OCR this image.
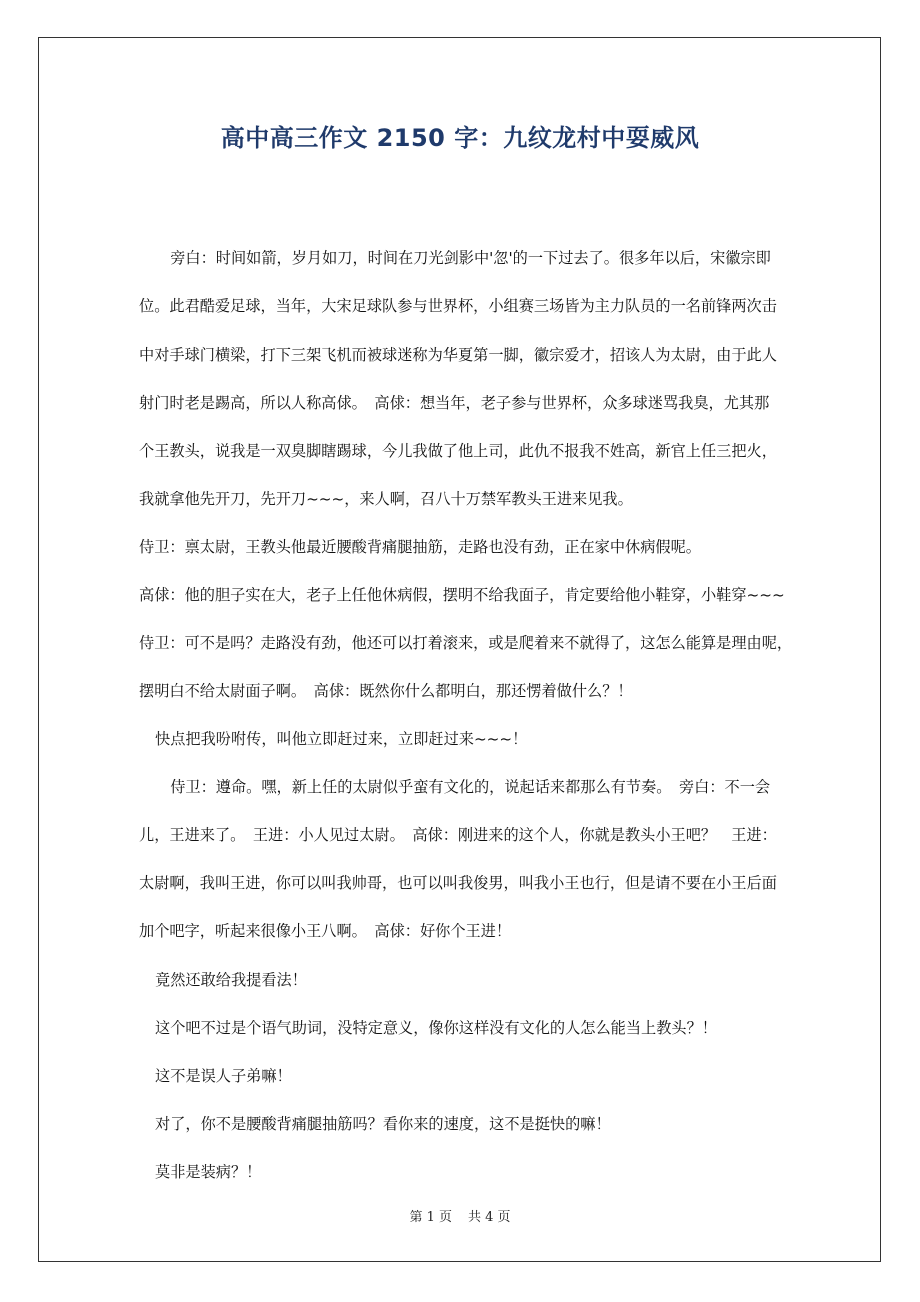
高中高三作文 2150 字：九纹龙村中耍威风
　旁白：时间如箭，岁月如刀，时间在刀光剑影中'忽'的一下过去了。很多年以后，宋徽宗即
位。此君酷爱足球，当年，大宋足球队参与世界杯，小组赛三场皆为主力队员的一名前锋两次击
中对手球门横梁，打下三架飞机而被球迷称为华夏第一脚，徽宗爱才，招该人为太尉，由于此人
射门时老是踢高，所以人称高俅。　高俅：想当年，老子参与世界杯，众多球迷骂我臭，尤其那
个王教头，说我是一双臭脚瞎踢球，今儿我做了他上司，此仇不报我不姓高，新官上任三把火，
我就拿他先开刀，先开刀~~~，来人啊，召八十万禁军教头王进来见我。
侍卫：禀太尉，王教头他最近腰酸背痛腿抽筋，走路也没有劲，正在家中休病假呢。
高俅：他的胆子实在大，老子上任他休病假，摆明不给我面子，肯定要给他小鞋穿，小鞋穿~~~
侍卫：可不是吗？走路没有劲，他还可以打着滚来，或是爬着来不就得了，这怎么能算是理由呢，
摆明白不给太尉面子啊。　高俅：既然你什么都明白，那还愣着做什么？！
快点把我吩咐传，叫他立即赶过来，立即赶过来~~~！
　侍卫：遵命。嘿，新上任的太尉似乎蛮有文化的，说起话来都那么有节奏。　旁白：不一会
儿，王进来了。　王进：小人见过太尉。　高俅：刚进来的这个人，你就是教头小王吧？　王进：
太尉啊，我叫王进，你可以叫我帅哥，也可以叫我俊男，叫我小王也行，但是请不要在小王后面
加个吧字，听起来很像小王八啊。　高俅：好你个王进！
竟然还敢给我提看法！
这个吧不过是个语气助词，没特定意义，像你这样没有文化的人怎么能当上教头？！
这不是误人子弟嘛！
对了，你不是腰酸背痛腿抽筋吗？看你来的速度，这不是挺快的嘛！
莫非是装病？！
第 1 页 共 4 页
